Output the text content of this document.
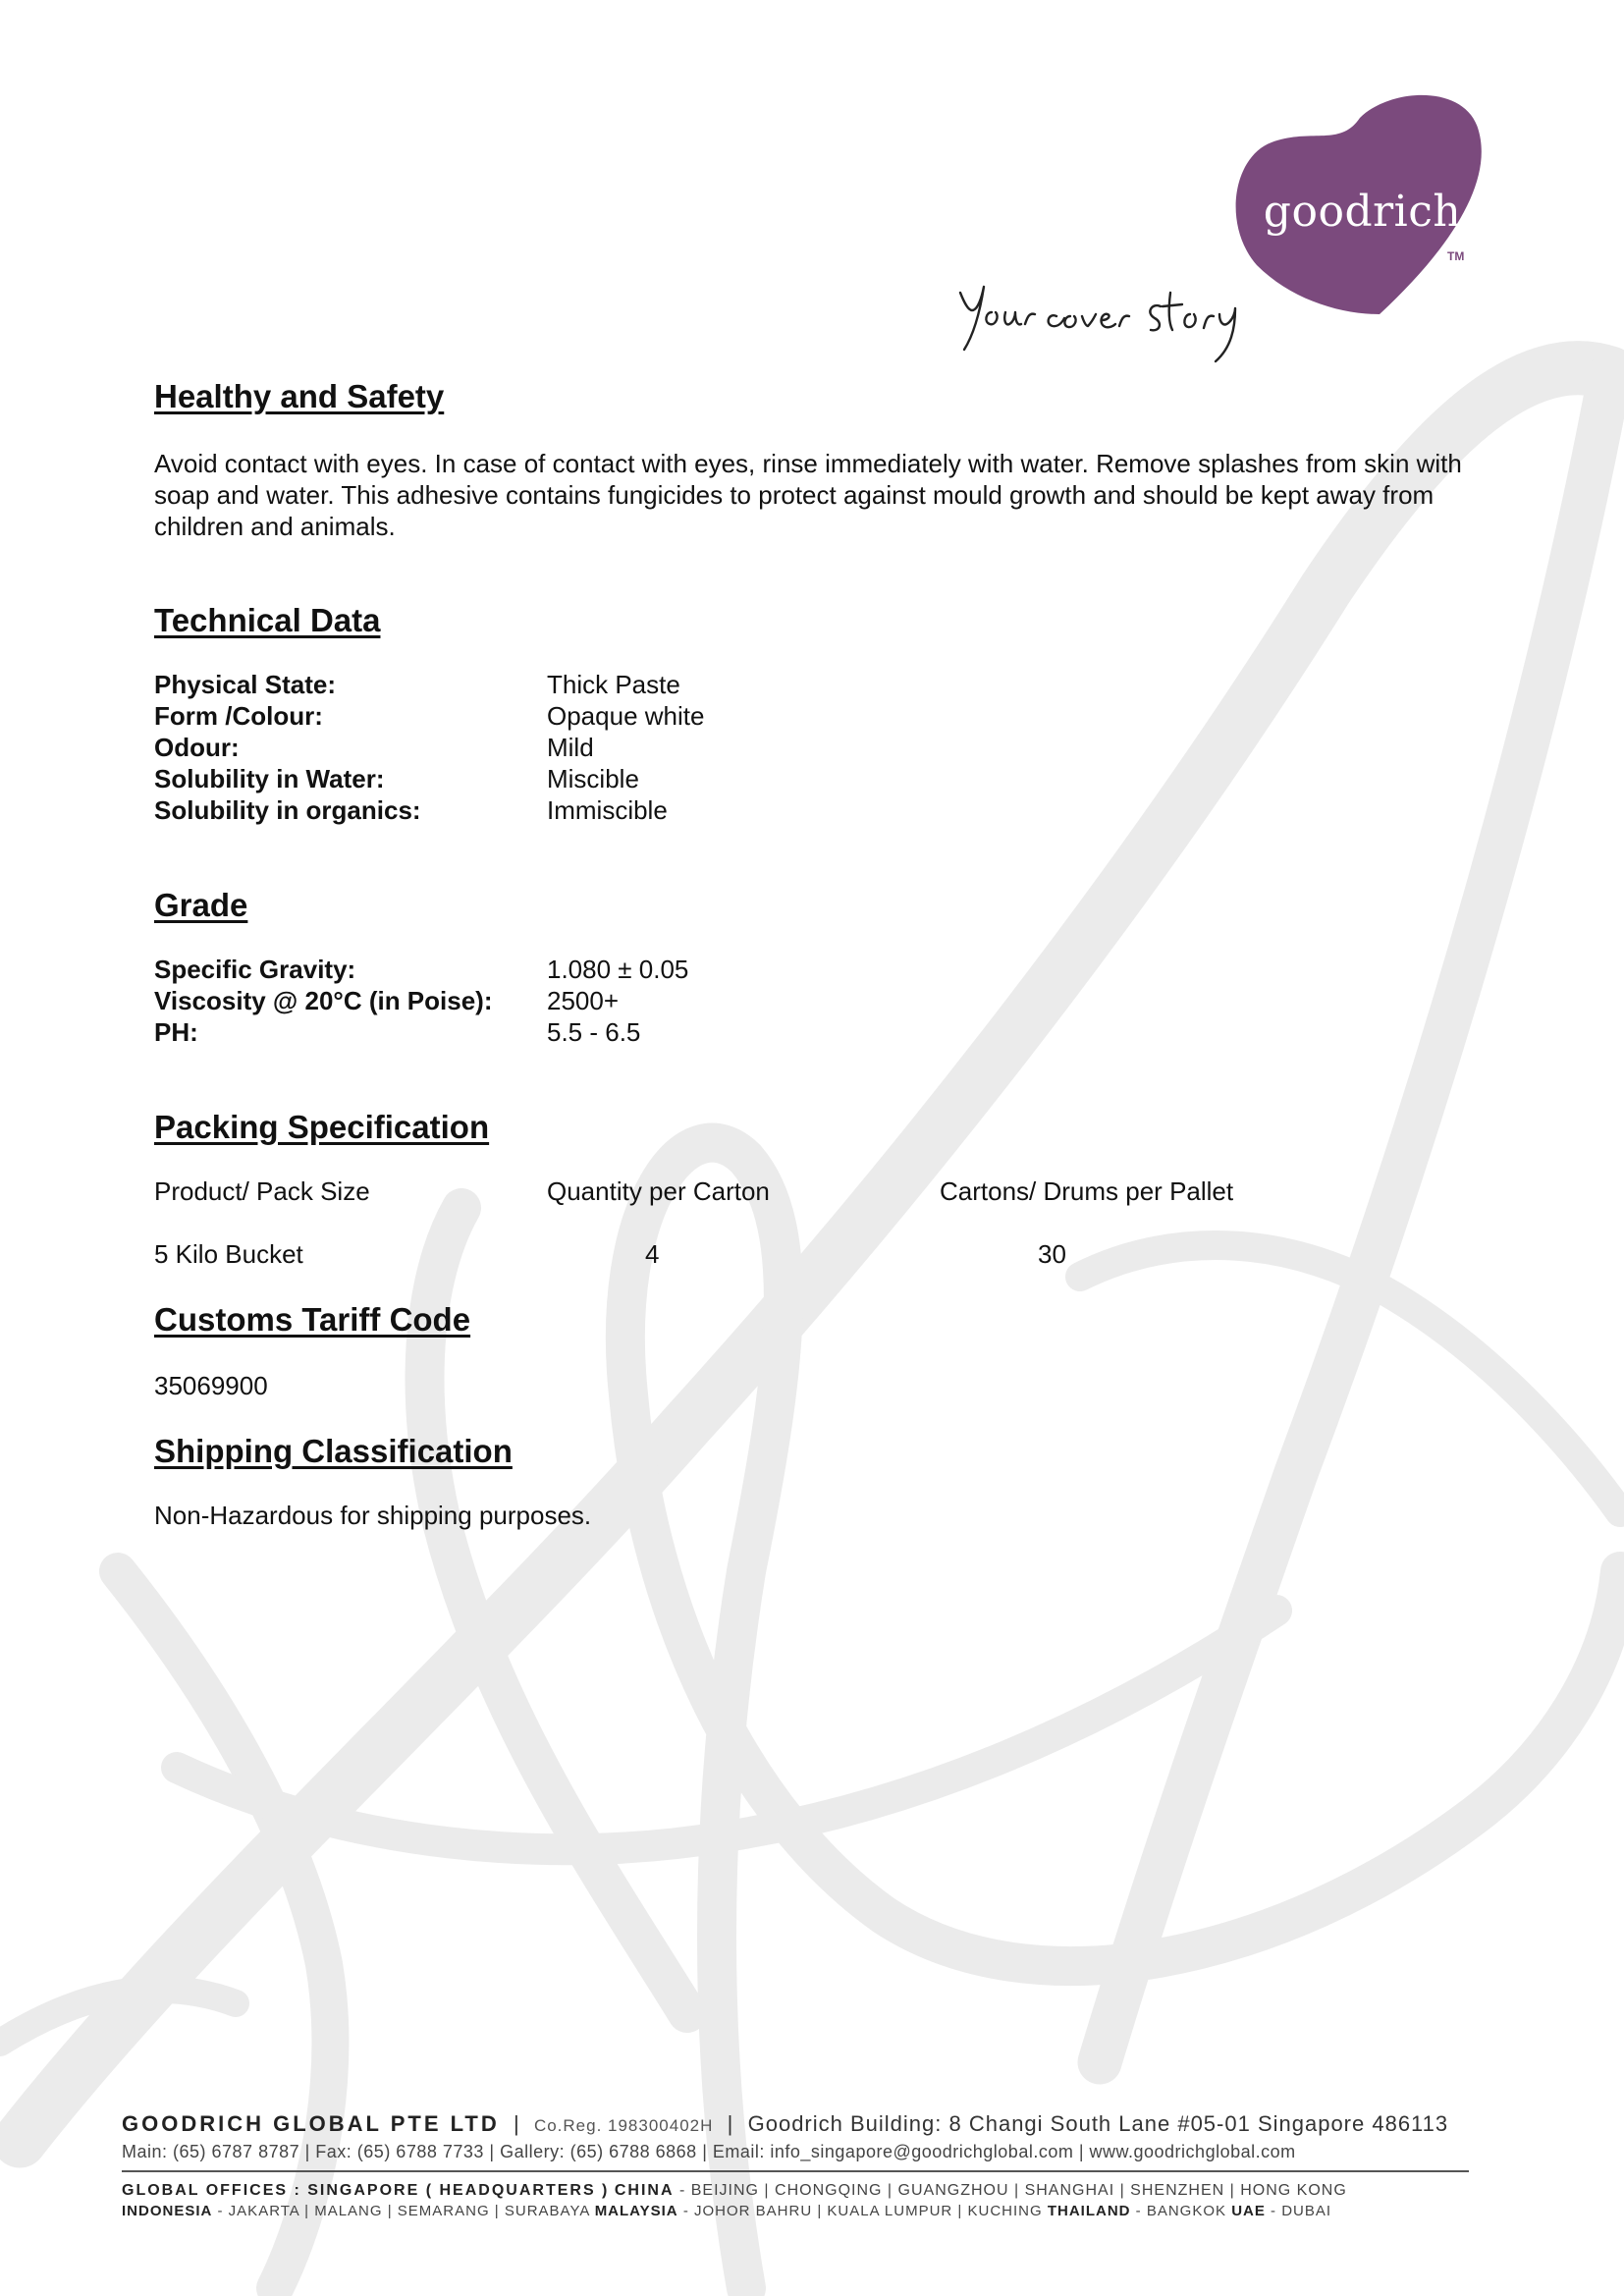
goodrich
TM
Healthy and Safety

Avoid contact with eyes. In case of contact with eyes, rinse immediately with water. Remove splashes from skin with soap and water. This adhesive contains fungicides to protect against mould growth and should be kept away from children and animals.

Technical Data
Physical State:	Thick Paste
Form /Colour:	Opaque white
Odour:	Mild
Solubility in Water:	Miscible
Solubility in organics:	Immiscible
Grade
Specific Gravity:	1.080 ± 0.05
Viscosity @ 20°C (in Poise):	2500+
PH:	5.5 - 6.5
Packing Specification
Product/ Pack Size	Quantity per Carton	Cartons/ Drums per Pallet
5 Kilo Bucket	4	30
Customs Tariff Code

35069900

Shipping Classification

Non-Hazardous for shipping purposes.

GOODRICH GLOBAL PTE LTD  |  Co.Reg. 198300402H  |  Goodrich Building: 8 Changi South Lane #05-01 Singapore 486113
Main: (65) 6787 8787 | Fax: (65) 6788 7733 | Gallery: (65) 6788 6868 | Email: info_singapore@goodrichglobal.com | www.goodrichglobal.com
GLOBAL OFFICES : SINGAPORE ( HEADQUARTERS ) CHINA - BEIJING | CHONGQING | GUANGZHOU | SHANGHAI | SHENZHEN | HONG KONG
INDONESIA - JAKARTA | MALANG | SEMARANG | SURABAYA MALAYSIA - JOHOR BAHRU | KUALA LUMPUR | KUCHING THAILAND - BANGKOK UAE - DUBAI
